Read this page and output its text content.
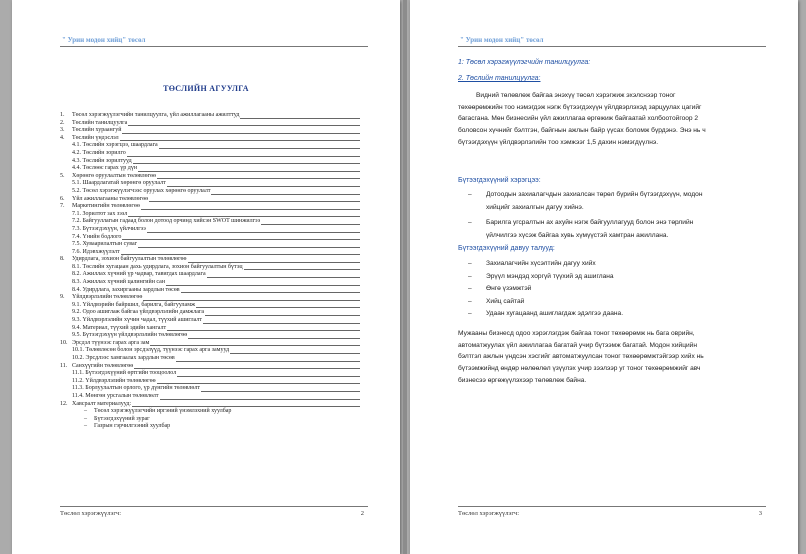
" Урин модон хийц" төсөл
ТӨСЛИЙН АГУУЛГА
1. Төсөл хэрэгжүүлэгчийн танилцуулга, үйл ажиллагааны ажилттуд
2. Төслийн танилцуулга
3. Төслийн хураангуй
4. Төслийн үндэслэл
4.1. Төслийн хэрэгцээ, шаардлага
4.2. Төслийн зорилго
4.3. Төслийн зорилтууд
4.4. Төслөөс гарах үр дүн
5. Хөрөнгө оруулалтын төлөвлөгөө
5.1. Шаардлагатай хөрөнгө оруулалт
5.2. Төсөл хэрэгжүүлэгчээс оруулах хөрөнгө оруулалт
6. Үйл ажиллагааны төлөвлөгөө
7. Маркетингийн төлөвлөгөө
7.1. Зорилтот зах зээл
7.2. Байгууллагын гадаад болон дотоод орчинд хийсэн SWOT шинжилгээ
7.3. Бүтээгдэхүүн, үйлчилгээ
7.4. Үнийн бодлого
7.5. Хуваарилалтын суваг
7.6. Идэвхжүүлэлт
8. Удирдлага, зохион байгуулалтын төлөвлөгөө
8.1. Төслийн хугацаан дахь удирдлага, зохион байгуулалтын бүтэц
8.2. Ажиллах хүчний үр чадвар, тавигдах шаардлага
8.3. Ажиллах хүчний цалингийн сан
8.4. Удирдлага, захиргааны зардлын төсөв
9. Үйлдвэрлэлийн төлөвлөгөө
9.1. Үйлдвэрийн байршил, барилга, байгууламж
9.2. Одоо ашиглаж байгаа үйлдвэрлэлийн дамжлага
9.3. Үйлдвэрлэлийн хүчин чадал, түүхий ашиглалт
9.4. Материал, түүхий эдийн хангалт
9.5. Бүтээгдэхүүн үйлдвэрлэлийн төлөвлөгөө
10. Эрсдэл түүнээс гарах арга зам
10.1. Төлөвлөсөн болон эрсдэлүүд, түүнээс гарах арга замууд
10.2. Эрсдлээс хамгаалах зардлын төсөв
11. Санхүүгийн төлөвлөгөө
11.1. Бүтээгдэхүүний өртгийн тооцоолол
11.2. Үйлдвэрлэлийн төлөвлөгөө
11.3. Борлуулалтын орлого, үр дүнгийн төлөвлөлт
11.4. Мөнгөн урсгалын төлөвлөлт
12. Хавсралт материалууд:
– Төсөл хэрэгжүүлэгчийн иргэний үнэмлэхний хуулбар
– Бүтээгдэхүүний зураг
– Газрын гэрчилгээний хуулбар
Төслөл хэрэгжүүлэгч:	2
" Урин модон хийц" төсөл
1: Төсөл хэрэгжүүлэгчийн танилцуулга:
2. Төслийн танилцуулга:
Видний төлөвлөж байгаа энэхүү төсөл хэрэгжиж эхэлснээр тоног
төхөөрөмжийн тоо нэмэгдэж нэгж бүтээгдэхүүн үйлдвэрлэхэд зарцуулах цагийг
багасгана. Мөн бизнесийн үйл ажиллагаа өргөжиж байгаатай холбоотойгоор 2
боловсон хүчнийг бэлтгэн, байгнын ажлын байр үүсах боломж бүрдэнэ. Энэ нь ч
бүтээгдэхүүн үйлдвэрлэлийн тоо хэмжээг 1,5 дахин нэмэгдүүлнэ.
Бүтээгдэхүүний хэрэгцээ:
– Дотоодын захиалагчдын захиалсан төрөл бүрийн бүтээгдэхүүн, модон
хийцийг захиалгын дагуу хийнэ.
– Барилга угсралтын ах ахуйн нэгж байгууллагууд болон энэ төрлийн
үйлчилгээ хүсэж байгаа хувь хүмүүстэй хамтран ажиллана.
Бүтээгдэхүүний давуу талууд:
– Захиалагчийн хүсэлтийн дагуу хийх
– Эрүүл мэндэд хоргүй түүхий эд ашиглана
– Өнгө үзэмжтэй
– Хийц сайтай
– Удаан хугацаанд ашиглагдаж эдэлгээ даана.
Мужааны бизнесд одоо хэрэглэгдэж байгаа тоног төхөөрөмж нь бага оврийн,
автоматжуулах үйл ажиллагаа багатай учир бүтээмж багатай. Модон хийцийн
бэлтгэл ажлын үндсэн хэсгийг автоматжуулсан тоног төхөөрөмжтэйгээр хийх нь
бүтээмжийнд өндөр нөлөөлөл үзүүлэх учир зээлээр уг тоног төхөөрөмжийг авч
бизнесээ өргөжүүлэхээр төлөвлөж байна.
Төслөл хэрэгжүүлэгч:	3
